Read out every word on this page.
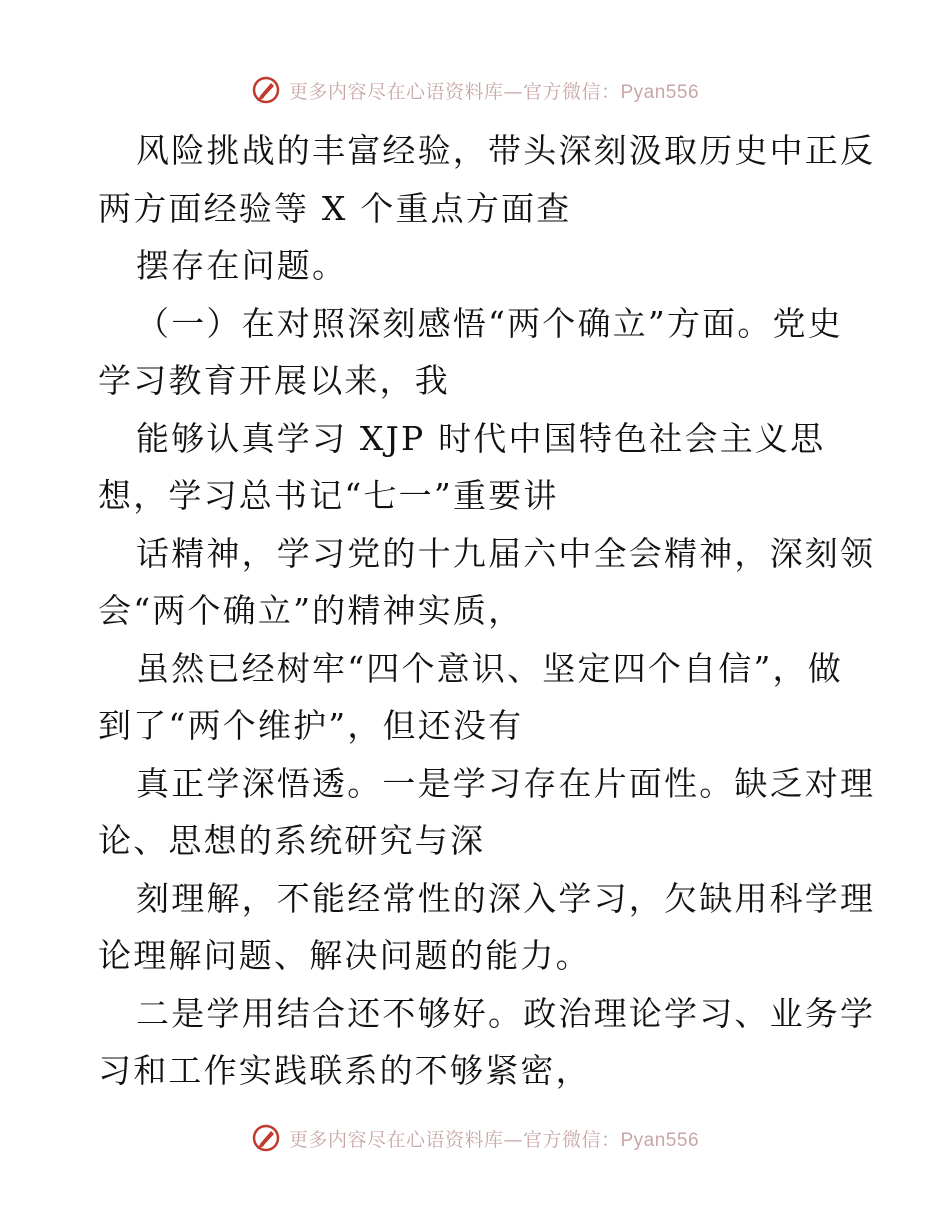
更多内容尽在心语资料库—官方微信：Pyan556
风险挑战的丰富经验，带头深刻汲取历史中正反
两方面经验等 X 个重点方面查
摆存在问题。
（一）在对照深刻感悟“两个确立”方面。党史
学习教育开展以来，我
能够认真学习 XJP 时代中国特色社会主义思
想，学习总书记“七一”重要讲
话精神，学习党的十九届六中全会精神，深刻领
会“两个确立”的精神实质，
虽然已经树牢“四个意识、坚定四个自信”，做
到了“两个维护”，但还没有
真正学深悟透。一是学习存在片面性。缺乏对理
论、思想的系统研究与深
刻理解，不能经常性的深入学习，欠缺用科学理
论理解问题、解决问题的能力。
二是学用结合还不够好。政治理论学习、业务学
习和工作实践联系的不够紧密，
更多内容尽在心语资料库—官方微信：Pyan556
